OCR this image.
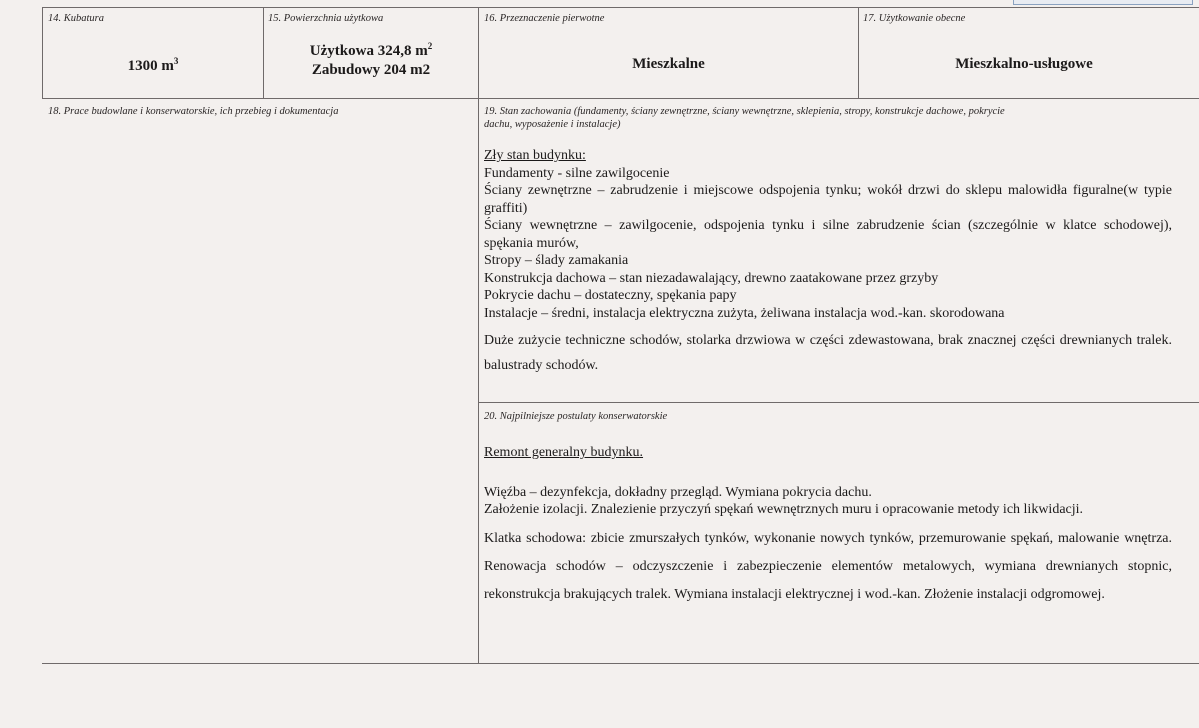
14. Kubatura
1300 $m^3$
15. Powierzchnia użytkowa
Użytkowa 324,8 $m^2$
Zabudowy 204 m2
16. Przeznaczenie pierwotne
Mieszkalne
17. Użytkowanie obecne
Mieszkalno-usługowe
18. Prace budowlane i konserwatorskie, ich przebieg i dokumentacja	19. Stan zachowania (fundamenty, ściany zewnętrzne, ściany wewnętrzne, sklepienia, stropy, konstrukcje dachowe, pokrycie
dachu, wyposażenie i instalacje)
Zły stan budynku:
Fundamenty - silne zawilgocenie
Ściany zewnętrzne – zabrudzenie i miejscowe odspojenia tynku; wokół drzwi do sklepu malowidła figuralne(w typie graffiti)
Ściany wewnętrzne – zawilgocenie, odspojenia tynku i silne zabrudzenie ścian (szczególnie w klatce schodowej), spękania murów,
Stropy – ślady zamakania
Konstrukcja dachowa – stan niezadawalający, drewno zaatakowane przez grzyby
Pokrycie dachu – dostateczny, spękania papy
Instalacje – średni, instalacja elektryczna zużyta, żeliwana instalacja wod.-kan. skorodowana
Duże zużycie techniczne schodów, stolarka drzwiowa w części zdewastowana, brak znacznej części drewnianych tralek. balustrady schodów.
20. Najpilniejsze postulaty konserwatorskie
Remont generalny budynku.
Więźba – dezynfekcja, dokładny przegląd. Wymiana pokrycia dachu.
Założenie izolacji. Znalezienie przyczyń spękań wewnętrznych muru i opracowanie metody ich likwidacji.
Klatka schodowa: zbicie zmurszałych tynków, wykonanie nowych tynków, przemurowanie spękań, malowanie wnętrza. Renowacja schodów – odczyszczenie i zabezpieczenie elementów metalowych, wymiana drewnianych stopnic, rekonstrukcja brakujących tralek. Wymiana instalacji elektrycznej i wod.-kan. Złożenie instalacji odgromowej.
